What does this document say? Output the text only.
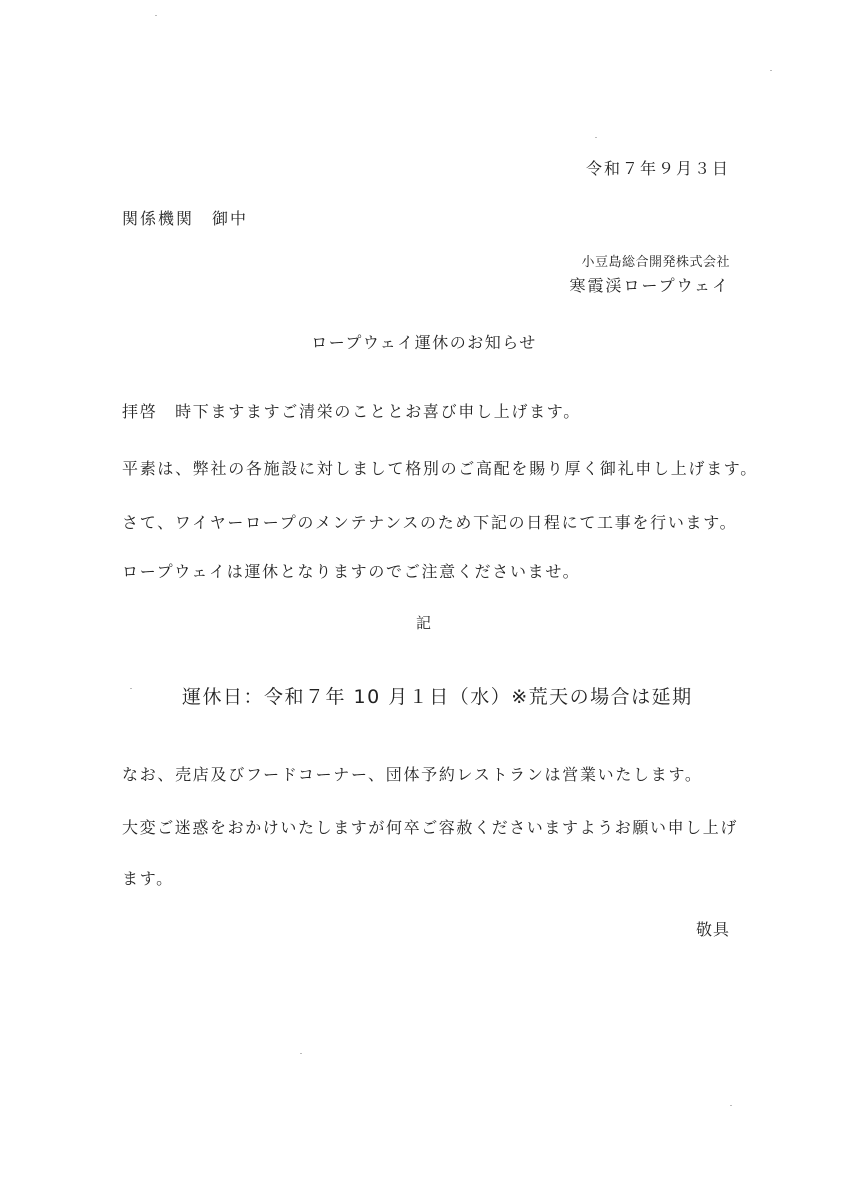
令和７年９月３日
関係機関　御中
小豆島総合開発株式会社
寒霞渓ロープウェイ
ロープウェイ運休のお知らせ
拝啓　時下ますますご清栄のこととお喜び申し上げます。
平素は、弊社の各施設に対しまして格別のご高配を賜り厚く御礼申し上げます。
さて、ワイヤーロープのメンテナンスのため下記の日程にて工事を行います。
ロープウェイは運休となりますのでご注意くださいませ。
記
運休日：令和７年 10 月１日（水）※荒天の場合は延期
なお、売店及びフードコーナー、団体予約レストランは営業いたします。
大変ご迷惑をおかけいたしますが何卒ご容赦くださいますようお願い申し上げ
ます。
敬具
